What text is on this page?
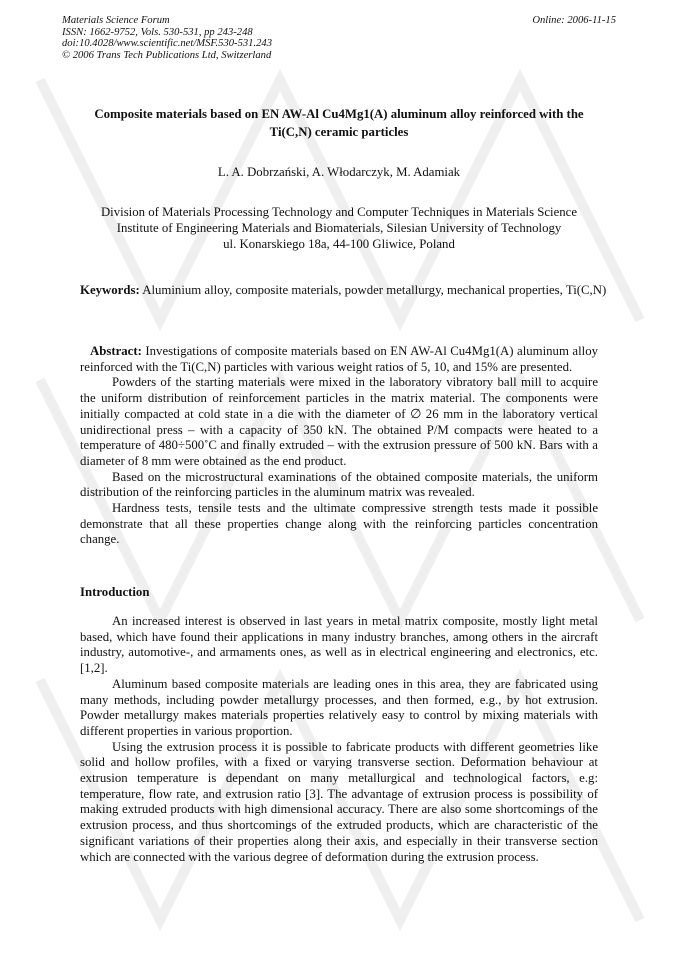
Materials Science Forum
ISSN: 1662-9752, Vols. 530-531, pp 243-248
doi:10.4028/www.scientific.net/MSF.530-531.243
© 2006 Trans Tech Publications Ltd, Switzerland
Online: 2006-11-15
Composite materials based on EN AW-Al Cu4Mg1(A) aluminum alloy reinforced with the Ti(C,N) ceramic particles
L. A. Dobrzański, A. Włodarczyk, M. Adamiak
Division of Materials Processing Technology and Computer Techniques in Materials Science
Institute of Engineering Materials and Biomaterials, Silesian University of Technology
ul. Konarskiego 18a, 44-100 Gliwice, Poland
Keywords: Aluminium alloy, composite materials, powder metallurgy, mechanical properties, Ti(C,N)

Abstract: Investigations of composite materials based on EN AW-Al Cu4Mg1(A) aluminum alloy reinforced with the Ti(C,N) particles with various weight ratios of 5, 10, and 15% are presented.

Powders of the starting materials were mixed in the laboratory vibratory ball mill to acquire the uniform distribution of reinforcement particles in the matrix material. The components were initially compacted at cold state in a die with the diameter of ∅ 26 mm in the laboratory vertical unidirectional press – with a capacity of 350 kN. The obtained P/M compacts were heated to a temperature of 480÷500˚C and finally extruded – with the extrusion pressure of 500 kN. Bars with a diameter of 8 mm were obtained as the end product.

Based on the microstructural examinations of the obtained composite materials, the uniform distribution of the reinforcing particles in the aluminum matrix was revealed.

Hardness tests, tensile tests and the ultimate compressive strength tests made it possible demonstrate that all these properties change along with the reinforcing particles concentration change.

Introduction

An increased interest is observed in last years in metal matrix composite, mostly light metal based, which have found their applications in many industry branches, among others in the aircraft industry, automotive-, and armaments ones, as well as in electrical engineering and electronics, etc. [1,2].

Aluminum based composite materials are leading ones in this area, they are fabricated using many methods, including powder metallurgy processes, and then formed, e.g., by hot extrusion. Powder metallurgy makes materials properties relatively easy to control by mixing materials with different properties in various proportion.

Using the extrusion process it is possible to fabricate products with different geometries like solid and hollow profiles, with a fixed or varying transverse section. Deformation behaviour at extrusion temperature is dependant on many metallurgical and technological factors, e.g: temperature, flow rate, and extrusion ratio [3]. The advantage of extrusion process is possibility of making extruded products with high dimensional accuracy. There are also some shortcomings of the extrusion process, and thus shortcomings of the extruded products, which are characteristic of the significant variations of their properties along their axis, and especially in their transverse section which are connected with the various degree of deformation during the extrusion process.
